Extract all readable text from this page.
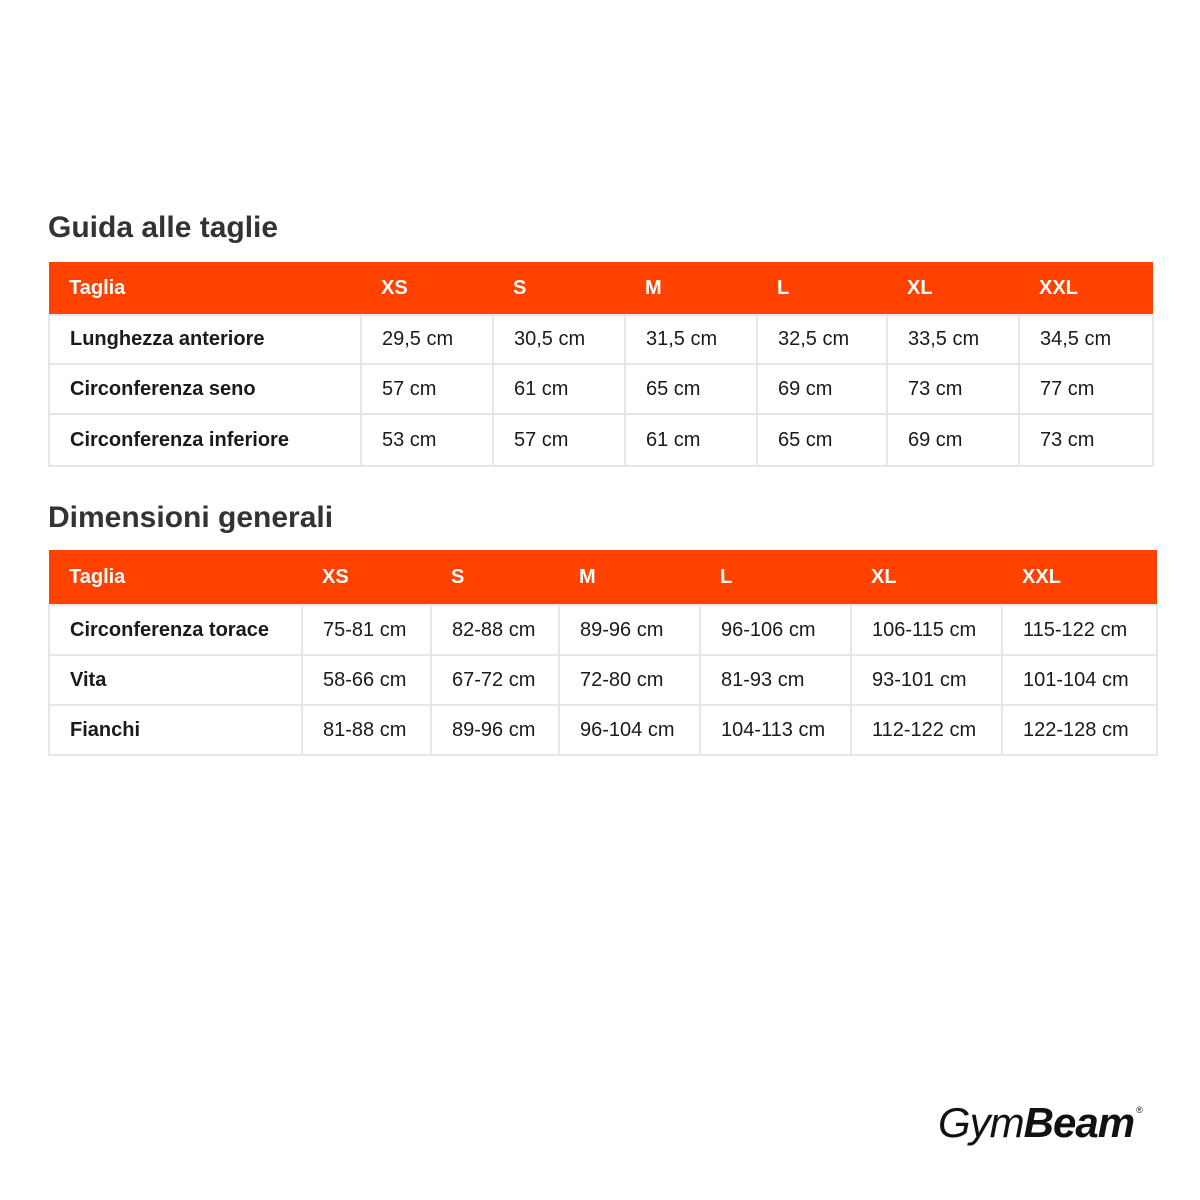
Guida alle taglie
Taglia	XS	S	M	L	XL	XXL
Lunghezza anteriore	29,5 cm	30,5 cm	31,5 cm	32,5 cm	33,5 cm	34,5 cm
Circonferenza seno	57 cm	61 cm	65 cm	69 cm	73 cm	77 cm
Circonferenza inferiore	53 cm	57 cm	61 cm	65 cm	69 cm	73 cm
Dimensioni generali
Taglia	XS	S	M	L	XL	XXL
Circonferenza torace	75-81 cm	82-88 cm	89-96 cm	96-106 cm	106-115 cm	115-122 cm
Vita	58-66 cm	67-72 cm	72-80 cm	81-93 cm	93-101 cm	101-104 cm
Fianchi	81-88 cm	89-96 cm	96-104 cm	104-113 cm	112-122 cm	122-128 cm
GymBeam ®
